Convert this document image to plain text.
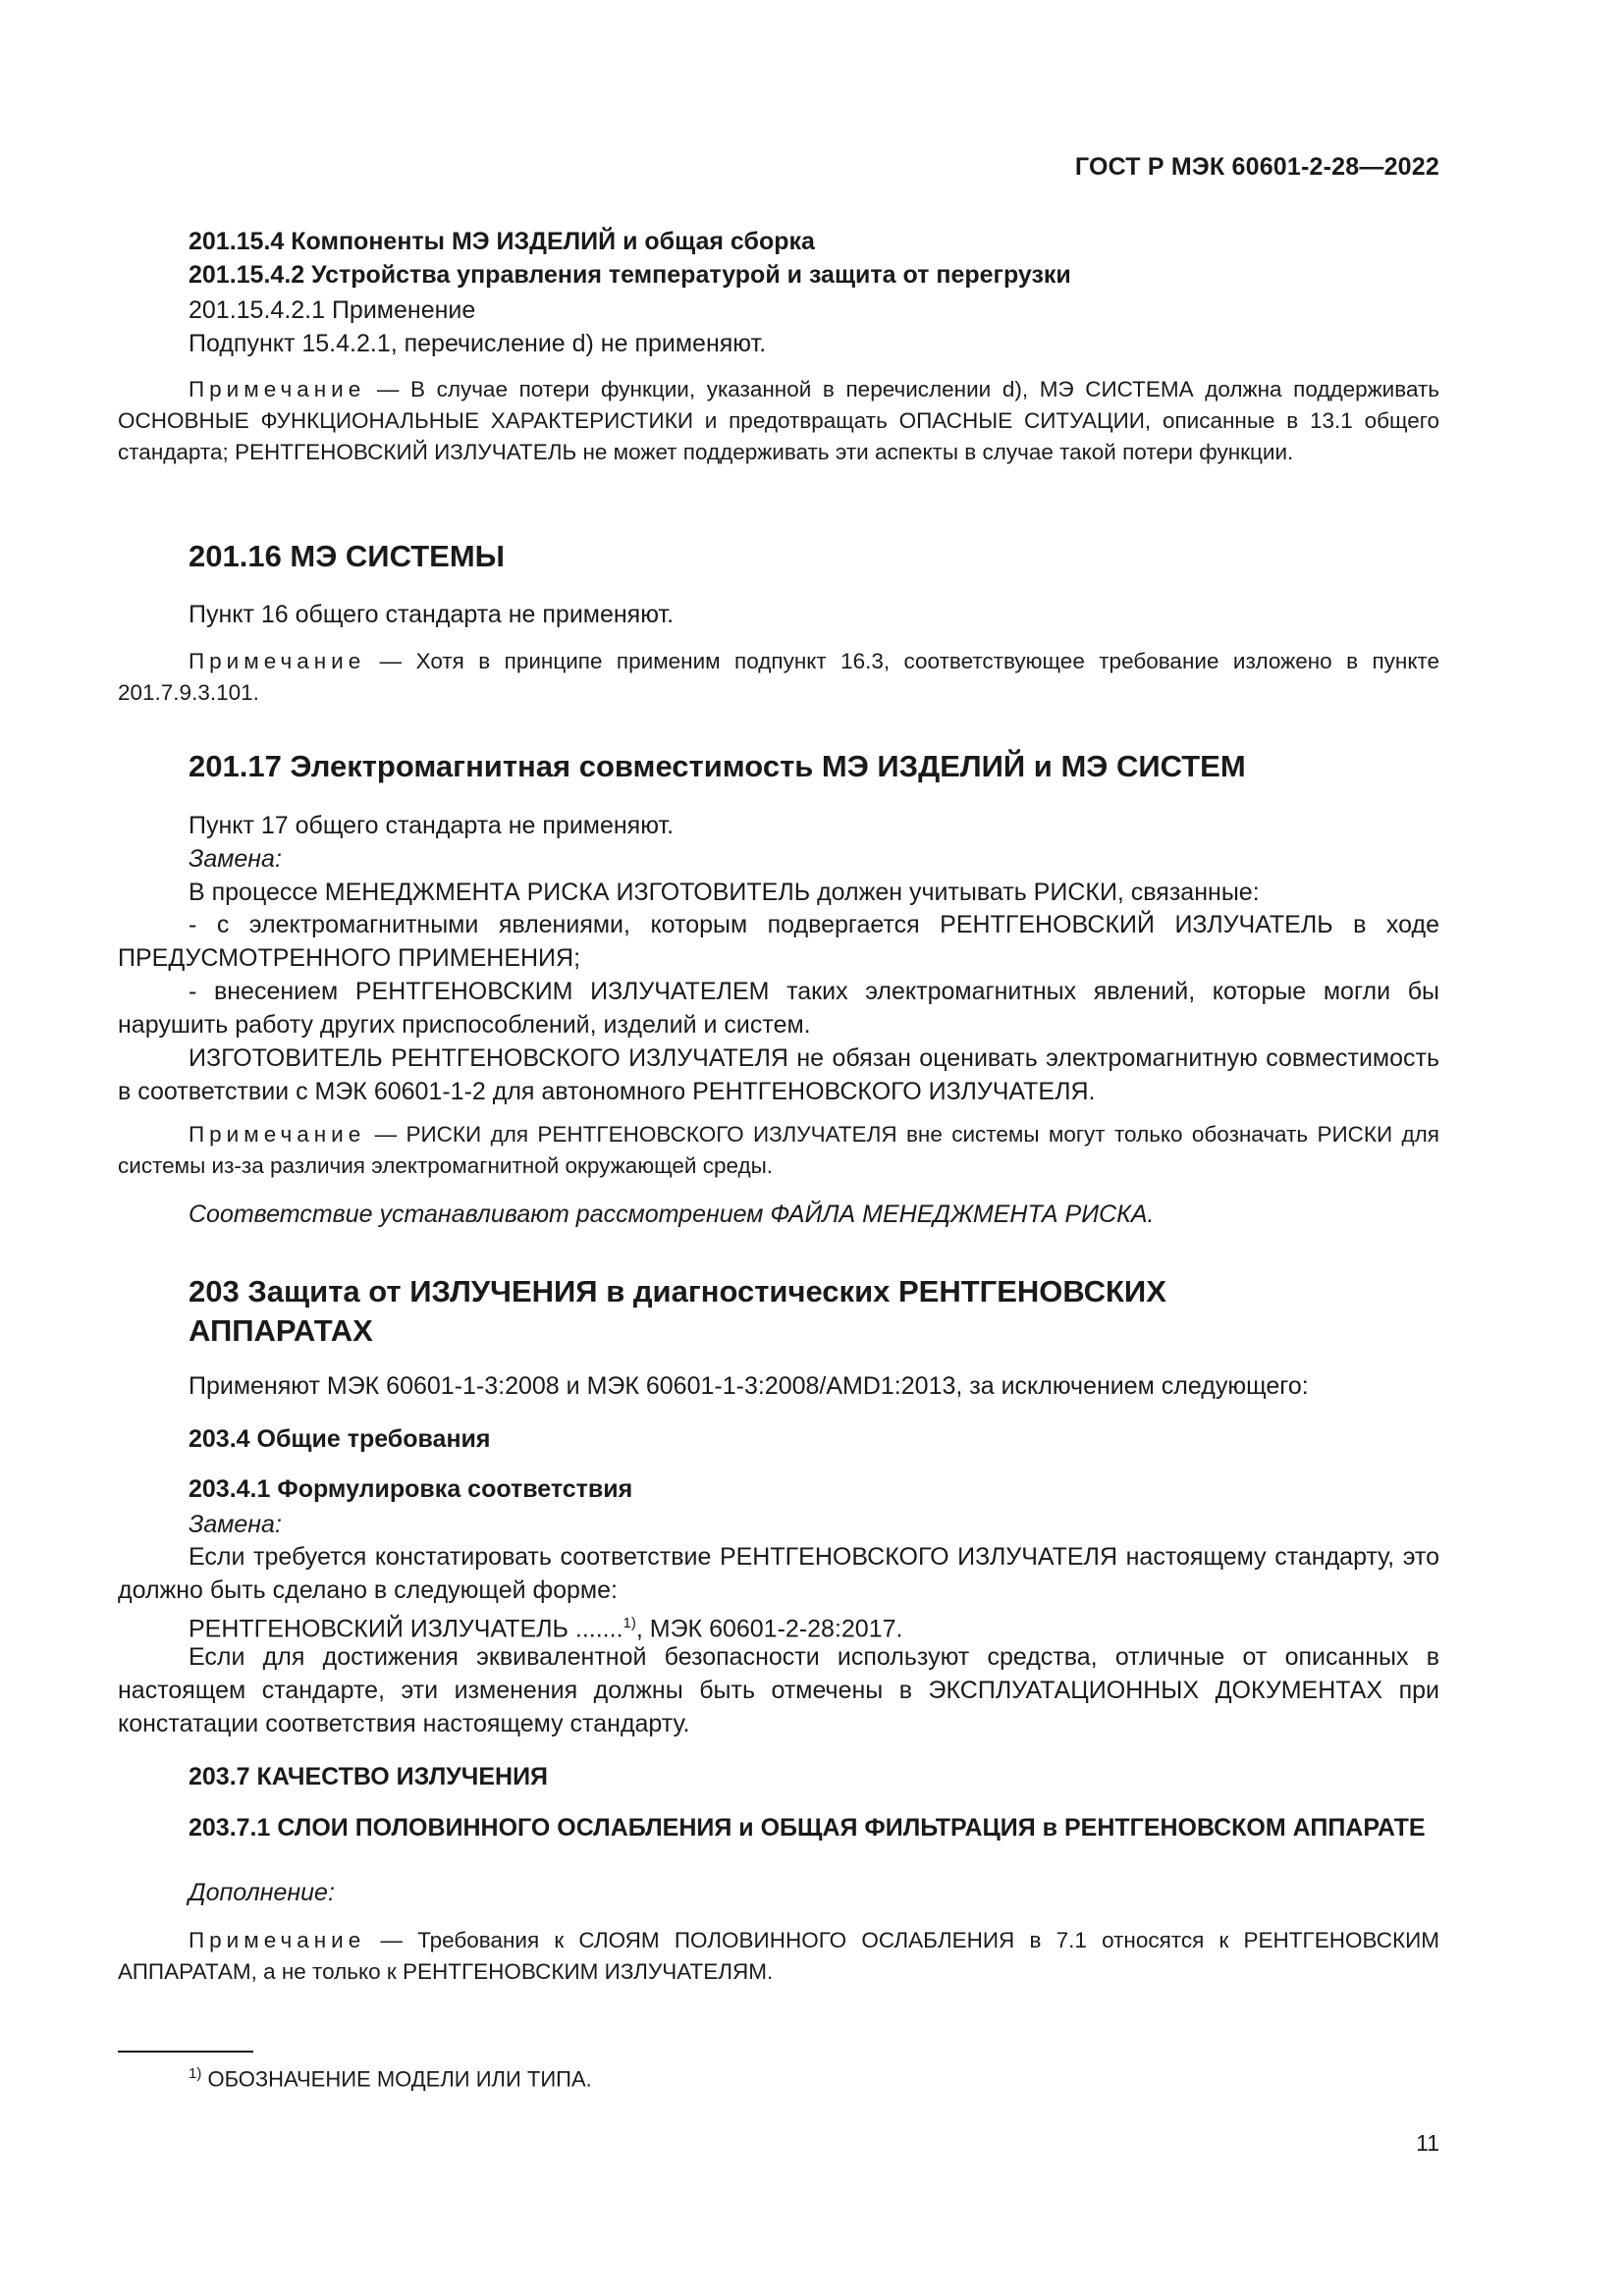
ГОСТ Р МЭК 60601-2-28—2022
201.15.4 Компоненты МЭ ИЗДЕЛИЙ и общая сборка
201.15.4.2 Устройства управления температурой и защита от перегрузки
201.15.4.2.1 Применение
Подпункт 15.4.2.1, перечисление d) не применяют.
Примечание — В случае потери функции, указанной в перечислении d), МЭ СИСТЕМА должна поддерживать ОСНОВНЫЕ ФУНКЦИОНАЛЬНЫЕ ХАРАКТЕРИСТИКИ и предотвращать ОПАСНЫЕ СИТУАЦИИ, описанные в 13.1 общего стандарта; РЕНТГЕНОВСКИЙ ИЗЛУЧАТЕЛЬ не может поддерживать эти аспекты в случае такой потери функции.
201.16 МЭ СИСТЕМЫ
Пункт 16 общего стандарта не применяют.
Примечание — Хотя в принципе применим подпункт 16.3, соответствующее требование изложено в пункте 201.7.9.3.101.
201.17 Электромагнитная совместимость МЭ ИЗДЕЛИЙ и МЭ СИСТЕМ
Пункт 17 общего стандарта не применяют.
Замена:
В процессе МЕНЕДЖМЕНТА РИСКА ИЗГОТОВИТЕЛЬ должен учитывать РИСКИ, связанные:
- с электромагнитными явлениями, которым подвергается РЕНТГЕНОВСКИЙ ИЗЛУЧАТЕЛЬ в ходе ПРЕДУСМОТРЕННОГО ПРИМЕНЕНИЯ;
- внесением РЕНТГЕНОВСКИМ ИЗЛУЧАТЕЛЕМ таких электромагнитных явлений, которые могли бы нарушить работу других приспособлений, изделий и систем.
ИЗГОТОВИТЕЛЬ РЕНТГЕНОВСКОГО ИЗЛУЧАТЕЛЯ не обязан оценивать электромагнитную совместимость в соответствии с МЭК 60601-1-2 для автономного РЕНТГЕНОВСКОГО ИЗЛУЧАТЕЛЯ.
Примечание — РИСКИ для РЕНТГЕНОВСКОГО ИЗЛУЧАТЕЛЯ вне системы могут только обозначать РИСКИ для системы из-за различия электромагнитной окружающей среды.
Соответствие устанавливают рассмотрением ФАЙЛА МЕНЕДЖМЕНТА РИСКА.
203 Защита от ИЗЛУЧЕНИЯ в диагностических РЕНТГЕНОВСКИХ
АППАРАТАХ
Применяют МЭК 60601-1-3:2008 и МЭК 60601-1-3:2008/AMD1:2013, за исключением следующего:
203.4 Общие требования
203.4.1 Формулировка соответствия
Замена:
Если требуется констатировать соответствие РЕНТГЕНОВСКОГО ИЗЛУЧАТЕЛЯ настоящему стандарту, это должно быть сделано в следующей форме:
РЕНТГЕНОВСКИЙ ИЗЛУЧАТЕЛЬ .......$^{1)}$, МЭК 60601-2-28:2017.
Если для достижения эквивалентной безопасности используют средства, отличные от описанных в настоящем стандарте, эти изменения должны быть отмечены в ЭКСПЛУАТАЦИОННЫХ ДОКУМЕНТАХ при констатации соответствия настоящему стандарту.
203.7 КАЧЕСТВО ИЗЛУЧЕНИЯ
203.7.1 СЛОИ ПОЛОВИННОГО ОСЛАБЛЕНИЯ и ОБЩАЯ ФИЛЬТРАЦИЯ в РЕНТГЕНОВСКОМ АППАРАТЕ
Дополнение:
Примечание — Требования к СЛОЯМ ПОЛОВИННОГО ОСЛАБЛЕНИЯ в 7.1 относятся к РЕНТГЕНОВСКИМ АППАРАТАМ, а не только к РЕНТГЕНОВСКИМ ИЗЛУЧАТЕЛЯМ.
$^{1)}$ ОБОЗНАЧЕНИЕ МОДЕЛИ ИЛИ ТИПА.
11
